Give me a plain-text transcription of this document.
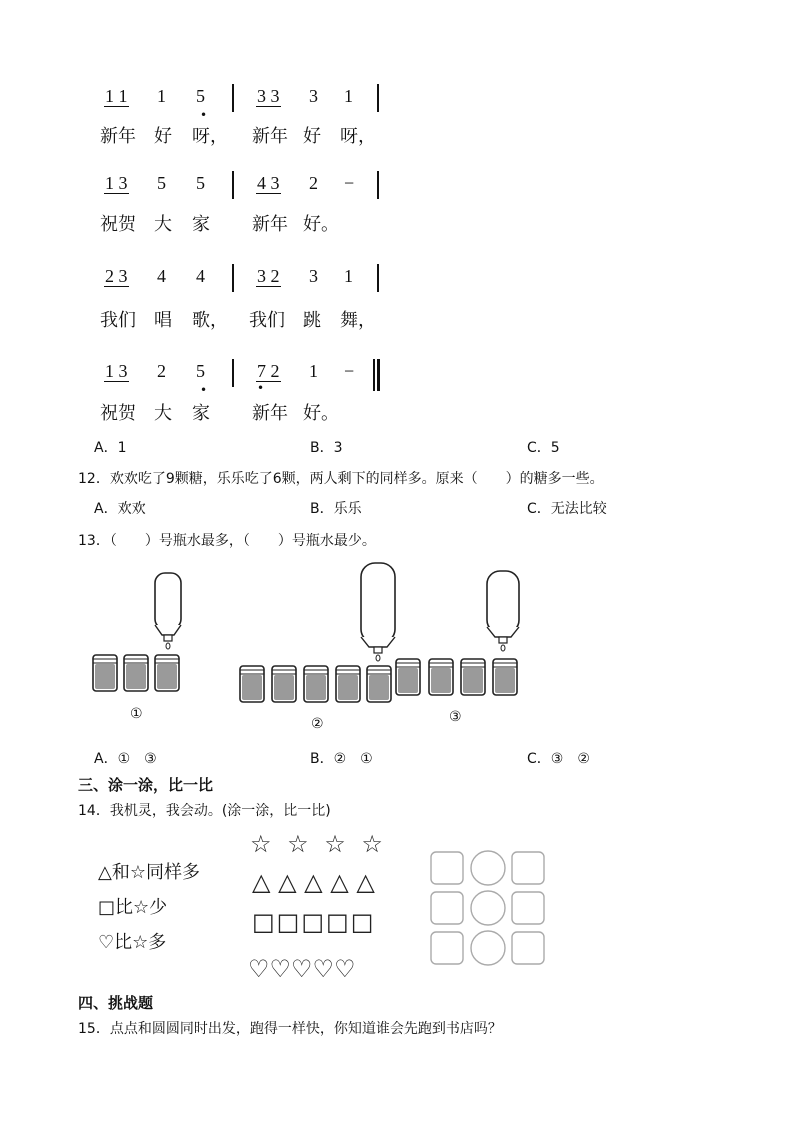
1 1 1 5
•
3 3 3 1
新年 好 呀， 新年 好 呀，
1 3 5 5	4 3 2 −
祝贺 大 家 新年 好。
2 3 4 4	3 2 3 1
我们 唱 歌， 我们 跳 舞，
1 3 2 5
•
7 2
•
1 −
祝贺 大 家 新年 好。
A．1	B．3	C．5
12．欢欢吃了9颗糖，乐乐吃了6颗，两人剩下的同样多。原来（　　）的糖多一些。
A．欢欢	B．乐乐	C．无法比较
13．（　　）号瓶水最多，（　　）号瓶水最少。
①
②	③
A．①　③	B．②　①	C．③　②
三、涂一涂，比一比
14．我机灵，我会动。(涂一涂，比一比)
△和☆同样多
□比☆少
♡比☆多
☆ ☆ ☆ ☆
△ △ △ △ △
□□□□□
♡♡♡♡♡
四、挑战题
15．点点和圆圆同时出发，跑得一样快，你知道谁会先跑到书店吗？
